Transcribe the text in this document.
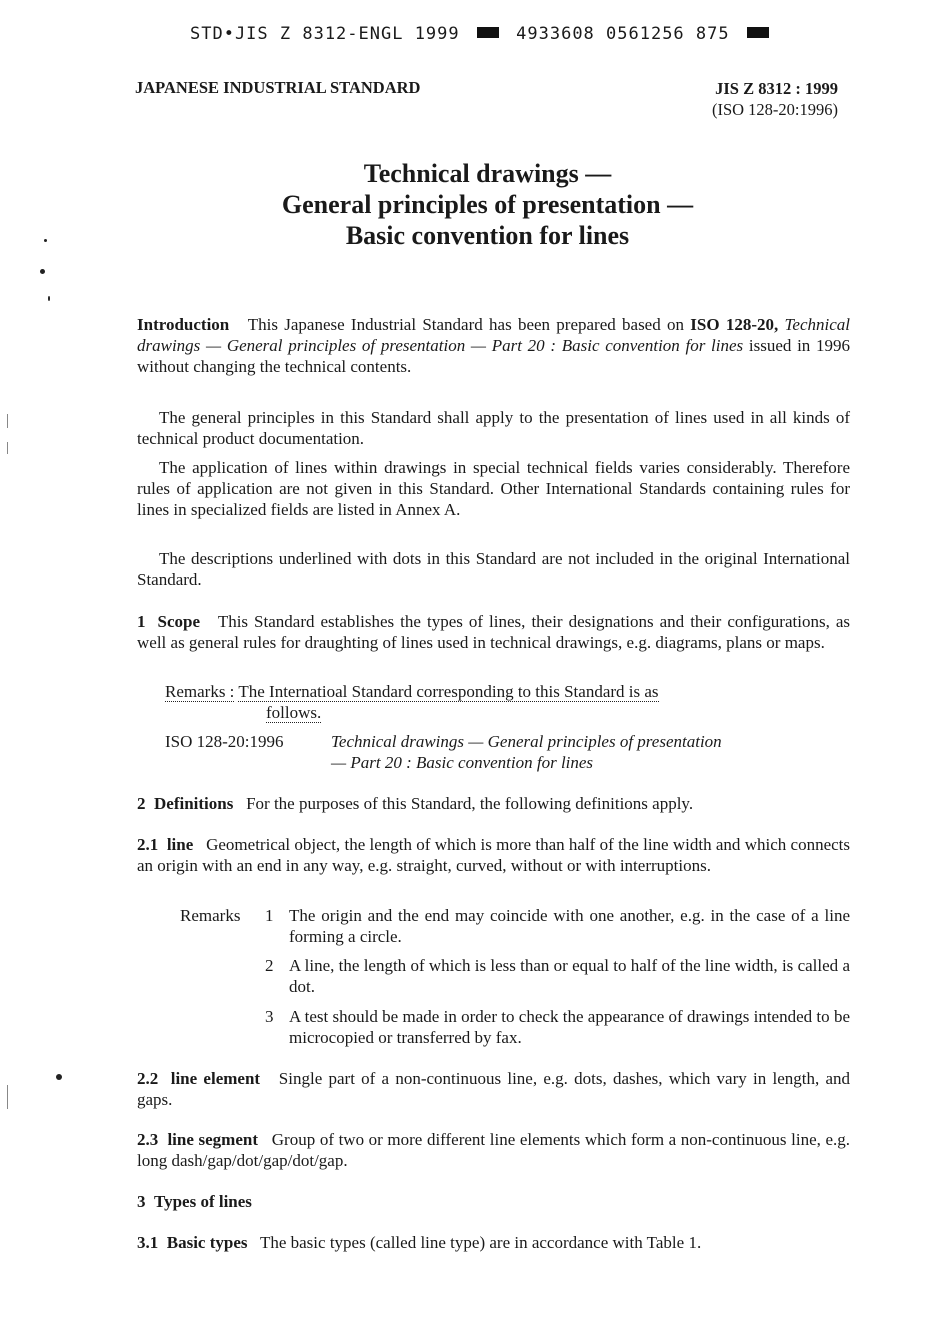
STD•JIS Z 8312-ENGL 1999	4933608 0561256 875
JAPANESE INDUSTRIAL STANDARD	JIS Z 8312 : 1999
(ISO 128-20:1996)
Technical drawings —
General principles of presentation —
Basic convention for lines
Introduction This Japanese Industrial Standard has been prepared based on ISO 128-20, Technical drawings — General principles of presentation — Part 20 : Basic convention for lines issued in 1996 without changing the technical contents.
The general principles in this Standard shall apply to the presentation of lines used in all kinds of technical product documentation.
The application of lines within drawings in special technical fields varies considerably. Therefore rules of application are not given in this Standard. Other International Standards containing rules for lines in specialized fields are listed in Annex A.
The descriptions underlined with dots in this Standard are not included in the original International Standard.
1 Scope This Standard establishes the types of lines, their designations and their configurations, as well as general rules for draughting of lines used in technical drawings, e.g. diagrams, plans or maps.
Remarks : The Internatioal Standard corresponding to this Standard is as
follows.
ISO 128-20:1996	Technical drawings — General principles of presentation
— Part 20 : Basic convention for lines
2 Definitions For the purposes of this Standard, the following definitions apply.
2.1 line Geometrical object, the length of which is more than half of the line width and which connects an origin with an end in any way, e.g. straight, curved, without or with interruptions.
Remarks 1 The origin and the end may coincide with one another, e.g. in the case of a line forming a circle.
2 A line, the length of which is less than or equal to half of the line width, is called a dot.
3 A test should be made in order to check the appearance of drawings intended to be microcopied or transferred by fax.
2.2 line element Single part of a non-continuous line, e.g. dots, dashes, which vary in length, and gaps.
2.3 line segment Group of two or more different line elements which form a non-continuous line, e.g. long dash/gap/dot/gap/dot/gap.
3 Types of lines
3.1 Basic types The basic types (called line type) are in accordance with Table 1.
